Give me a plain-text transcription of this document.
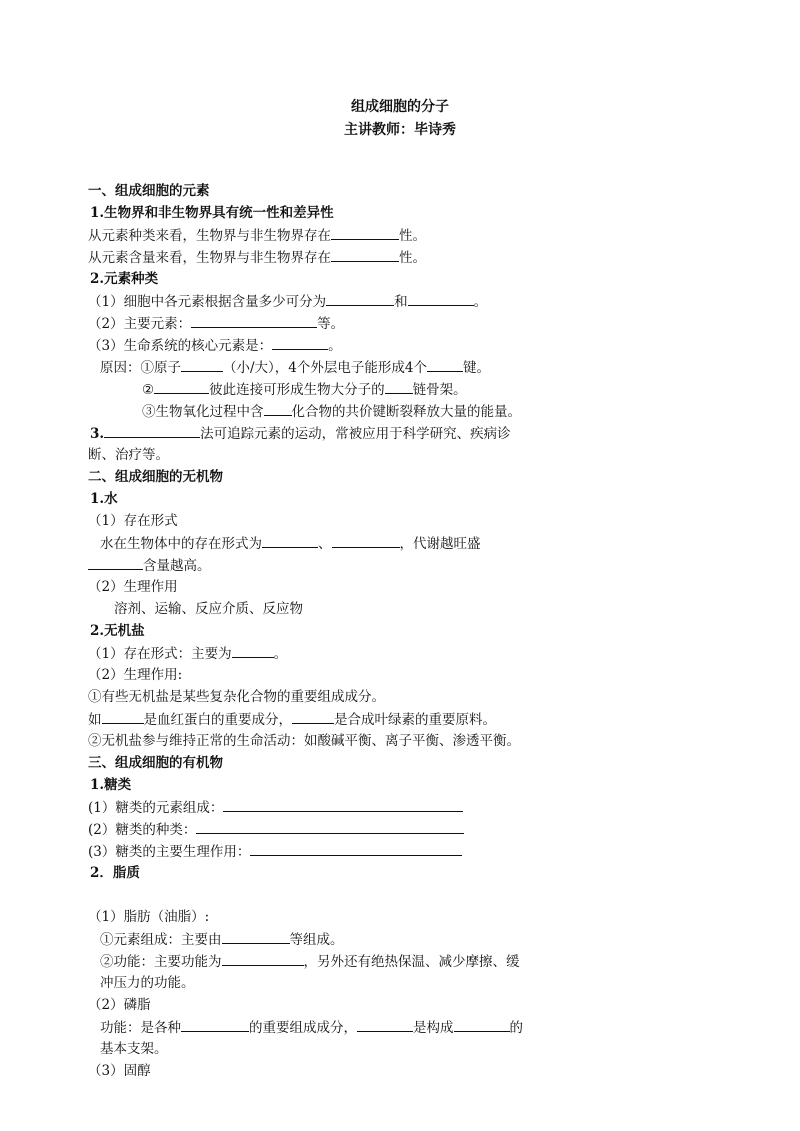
组成细胞的分子
主讲教师：毕诗秀
一、组成细胞的元素
1.生物界和非生物界具有统一性和差异性
从元素种类来看，生物界与非生物界存在	性。
从元素含量来看，生物界与非生物界存在	性。
2.元素种类
（1）细胞中各元素根据含量多少可分为	和	。
（2）主要元素：	等。
（3）生命系统的核心元素是：	。
原因：①原子	（小/大），4个外层电子能形成4个	键。
②	彼此连接可形成生物大分子的 链骨架。
③生物氧化过程中含 化合物的共价键断裂释放大量的能量。
3.	法可追踪元素的运动，常被应用于科学研究、疾病诊
断、治疗等。
二、组成细胞的无机物
1.水
（1）存在形式
水在生物体中的存在形式为	、	，代谢越旺盛
含量越高。
（2）生理作用
溶剂、运输、反应介质、反应物
2.无机盐
（1）存在形式：主要为	。
（2）生理作用:
①有些无机盐是某些复杂化合物的重要组成成分。
如	是血红蛋白的重要成分，	是合成叶绿素的重要原料。
②无机盐参与维持正常的生命活动：如酸碱平衡、离子平衡、渗透平衡。
三、组成细胞的有机物
1.糖类
(1）糖类的元素组成：
(2）糖类的种类：
(3）糖类的主要生理作用：
2．脂质
（1）脂肪（油脂）:
①元素组成：主要由	等组成。
②功能：主要功能为	，另外还有绝热保温、减少摩擦、缓
冲压力的功能。
（2）磷脂
功能：是各种	的重要组成成分，	是构成	的
基本支架。
（3）固醇
